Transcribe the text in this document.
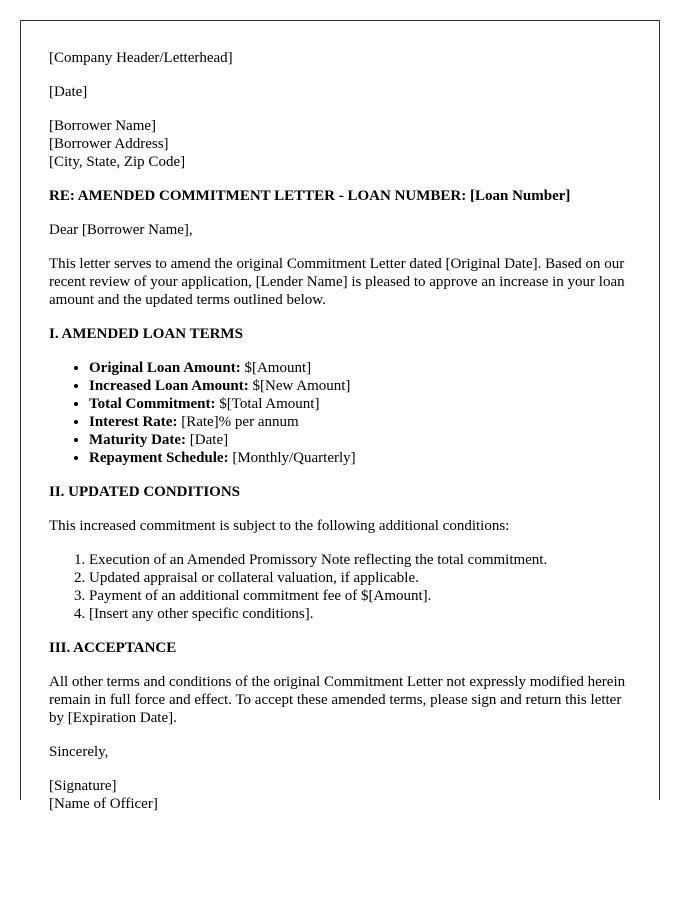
[Company Header/Letterhead]

[Date]

[Borrower Name]
[Borrower Address]
[City, State, Zip Code]

RE: AMENDED COMMITMENT LETTER - LOAN NUMBER: [Loan Number]

Dear [Borrower Name],

This letter serves to amend the original Commitment Letter dated [Original Date]. Based on our recent review of your application, [Lender Name] is pleased to approve an increase in your loan amount and the updated terms outlined below.

I. AMENDED LOAN TERMS

• Original Loan Amount: $[Amount]
• Increased Loan Amount: $[New Amount]
• Total Commitment: $[Total Amount]
• Interest Rate: [Rate]% per annum
• Maturity Date: [Date]
• Repayment Schedule: [Monthly/Quarterly]

II. UPDATED CONDITIONS

This increased commitment is subject to the following additional conditions:

1. Execution of an Amended Promissory Note reflecting the total commitment.
2. Updated appraisal or collateral valuation, if applicable.
3. Payment of an additional commitment fee of $[Amount].
4. [Insert any other specific conditions].

III. ACCEPTANCE

All other terms and conditions of the original Commitment Letter not expressly modified herein remain in full force and effect. To accept these amended terms, please sign and return this letter by [Expiration Date].

Sincerely,

[Signature]
[Name of Officer]
